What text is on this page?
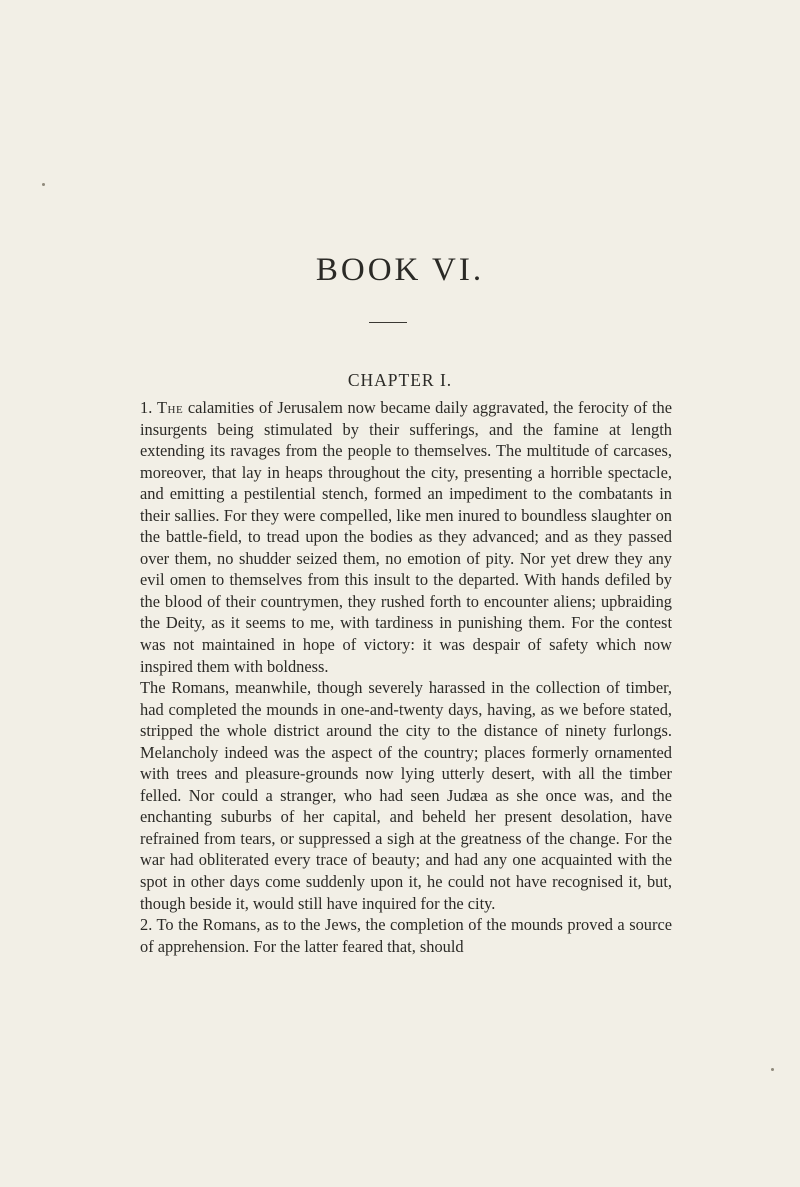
BOOK VI.
CHAPTER I.

1. The calamities of Jerusalem now became daily aggravated, the ferocity of the insurgents being stimulated by their sufferings, and the famine at length extending its ravages from the people to themselves. The multitude of carcases, moreover, that lay in heaps throughout the city, presenting a horrible spectacle, and emitting a pestilential stench, formed an impediment to the combatants in their sallies. For they were compelled, like men inured to boundless slaughter on the battle-field, to tread upon the bodies as they advanced; and as they passed over them, no shudder seized them, no emotion of pity. Nor yet drew they any evil omen to themselves from this insult to the departed. With hands defiled by the blood of their countrymen, they rushed forth to encounter aliens; upbraiding the Deity, as it seems to me, with tardiness in punishing them. For the contest was not maintained in hope of victory: it was despair of safety which now inspired them with boldness.

The Romans, meanwhile, though severely harassed in the collection of timber, had completed the mounds in one-and-twenty days, having, as we before stated, stripped the whole district around the city to the distance of ninety furlongs. Melancholy indeed was the aspect of the country; places formerly ornamented with trees and pleasure-grounds now lying utterly desert, with all the timber felled. Nor could a stranger, who had seen Judæa as she once was, and the enchanting suburbs of her capital, and beheld her present desolation, have refrained from tears, or suppressed a sigh at the greatness of the change. For the war had obliterated every trace of beauty; and had any one acquainted with the spot in other days come suddenly upon it, he could not have recognised it, but, though beside it, would still have inquired for the city.

2. To the Romans, as to the Jews, the completion of the mounds proved a source of apprehension. For the latter feared that, should
